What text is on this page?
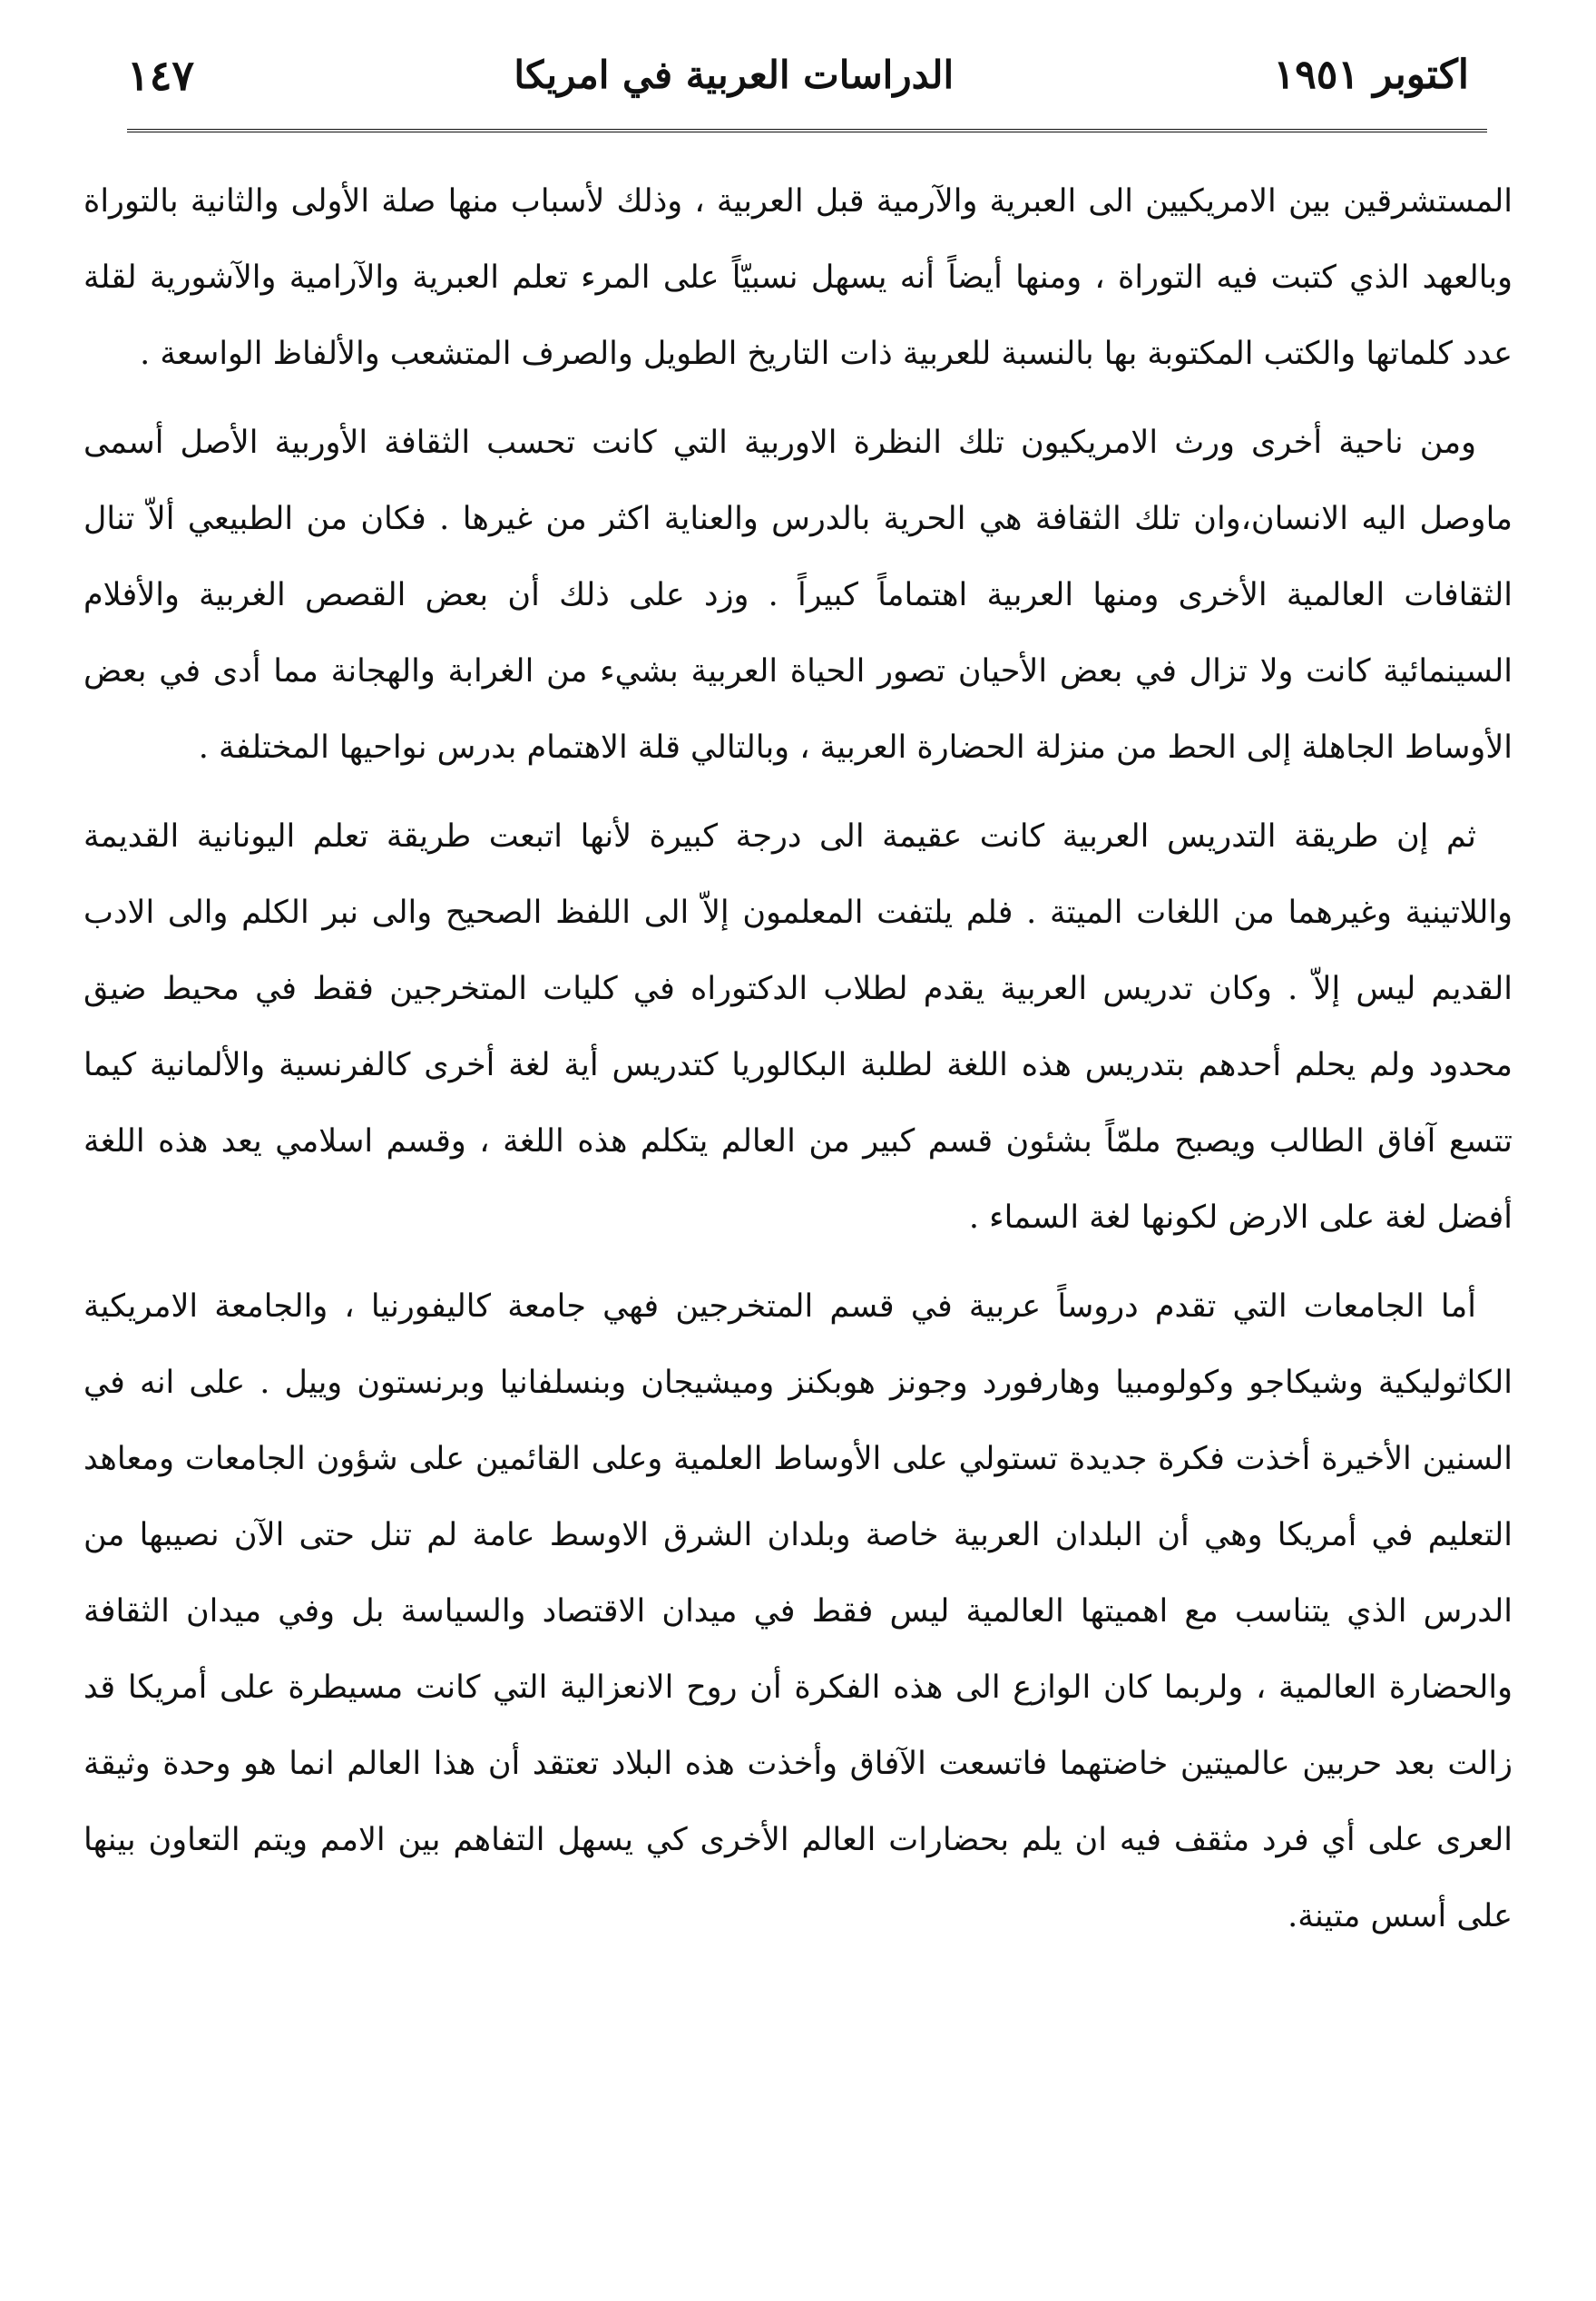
اكتوبر ١٩٥١
الدراسات العربية في امريكا
١٤٧

المستشرقين بين الامريكيين الى العبرية والآرمية قبل العربية ، وذلك لأسباب منها صلة الأولى والثانية بالتوراة وبالعهد الذي كتبت فيه التوراة ، ومنها أيضاً أنه يسهل نسبيّاً على المرء تعلم العبرية والآرامية والآشورية لقلة عدد كلماتها والكتب المكتوبة بها بالنسبة للعربية ذات التاريخ الطويل والصرف المتشعب والألفاظ الواسعة .

ومن ناحية أخرى ورث الامريكيون تلك النظرة الاوربية التي كانت تحسب الثقافة الأوربية الأصل أسمى ماوصل اليه الانسان،وان تلك الثقافة هي الحرية بالدرس والعناية اكثر من غيرها . فكان من الطبيعي ألاّ تنال الثقافات العالمية الأخرى ومنها العربية اهتماماً كبيراً . وزد على ذلك أن بعض القصص الغربية والأفلام السينمائية كانت ولا تزال في بعض الأحيان تصور الحياة العربية بشيء من الغرابة والهجانة مما أدى في بعض الأوساط الجاهلة إلى الحط من منزلة الحضارة العربية ، وبالتالي قلة الاهتمام بدرس نواحيها المختلفة .

ثم إن طريقة التدريس العربية كانت عقيمة الى درجة كبيرة لأنها اتبعت طريقة تعلم اليونانية القديمة واللاتينية وغيرهما من اللغات الميتة . فلم يلتفت المعلمون إلاّ الى اللفظ الصحيح والى نبر الكلم والى الادب القديم ليس إلاّ . وكان تدريس العربية يقدم لطلاب الدكتوراه في كليات المتخرجين فقط في محيط ضيق محدود ولم يحلم أحدهم بتدريس هذه اللغة لطلبة البكالوريا كتدريس أية لغة أخرى كالفرنسية والألمانية كيما تتسع آفاق الطالب ويصبح ملمّاً بشئون قسم كبير من العالم يتكلم هذه اللغة ، وقسم اسلامي يعد هذه اللغة أفضل لغة على الارض لكونها لغة السماء .

أما الجامعات التي تقدم دروساً عربية في قسم المتخرجين فهي جامعة كاليفورنيا ، والجامعة الامريكية الكاثوليكية وشيكاجو وكولومبيا وهارفورد وجونز هوبكنز وميشيجان وبنسلفانيا وبرنستون وييل . على انه في السنين الأخيرة أخذت فكرة جديدة تستولي على الأوساط العلمية وعلى القائمين على شؤون الجامعات ومعاهد التعليم في أمريكا وهي أن البلدان العربية خاصة وبلدان الشرق الاوسط عامة لم تنل حتى الآن نصيبها من الدرس الذي يتناسب مع اهميتها العالمية ليس فقط في ميدان الاقتصاد والسياسة بل وفي ميدان الثقافة والحضارة العالمية ، ولربما كان الوازع الى هذه الفكرة أن روح الانعزالية التي كانت مسيطرة على أمريكا قد زالت بعد حربين عالميتين خاضتهما فاتسعت الآفاق وأخذت هذه البلاد تعتقد أن هذا العالم انما هو وحدة وثيقة العرى على أي فرد مثقف فيه ان يلم بحضارات العالم الأخرى كي يسهل التفاهم بين الامم ويتم التعاون بينها على أسس متينة.
